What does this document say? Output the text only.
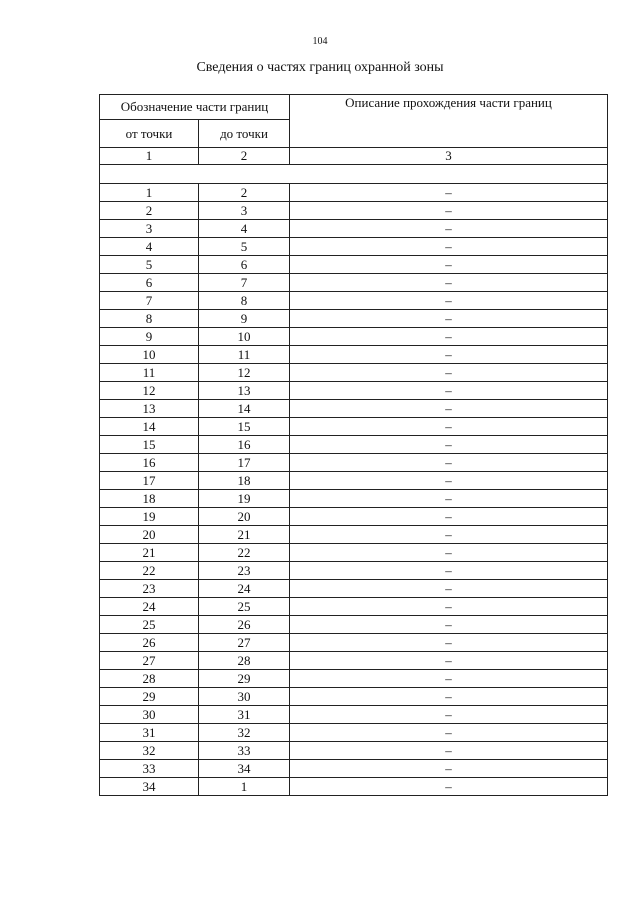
104
Сведения о частях границ охранной зоны
Обозначение части границ		Описание прохождения части границ
от точки	до точки	
1	2	3

1	2	–
2	3	–
3	4	–
4	5	–
5	6	–
6	7	–
7	8	–
8	9	–
9	10	–
10	11	–
11	12	–
12	13	–
13	14	–
14	15	–
15	16	–
16	17	–
17	18	–
18	19	–
19	20	–
20	21	–
21	22	–
22	23	–
23	24	–
24	25	–
25	26	–
26	27	–
27	28	–
28	29	–
29	30	–
30	31	–
31	32	–
32	33	–
33	34	–
34	1	–
